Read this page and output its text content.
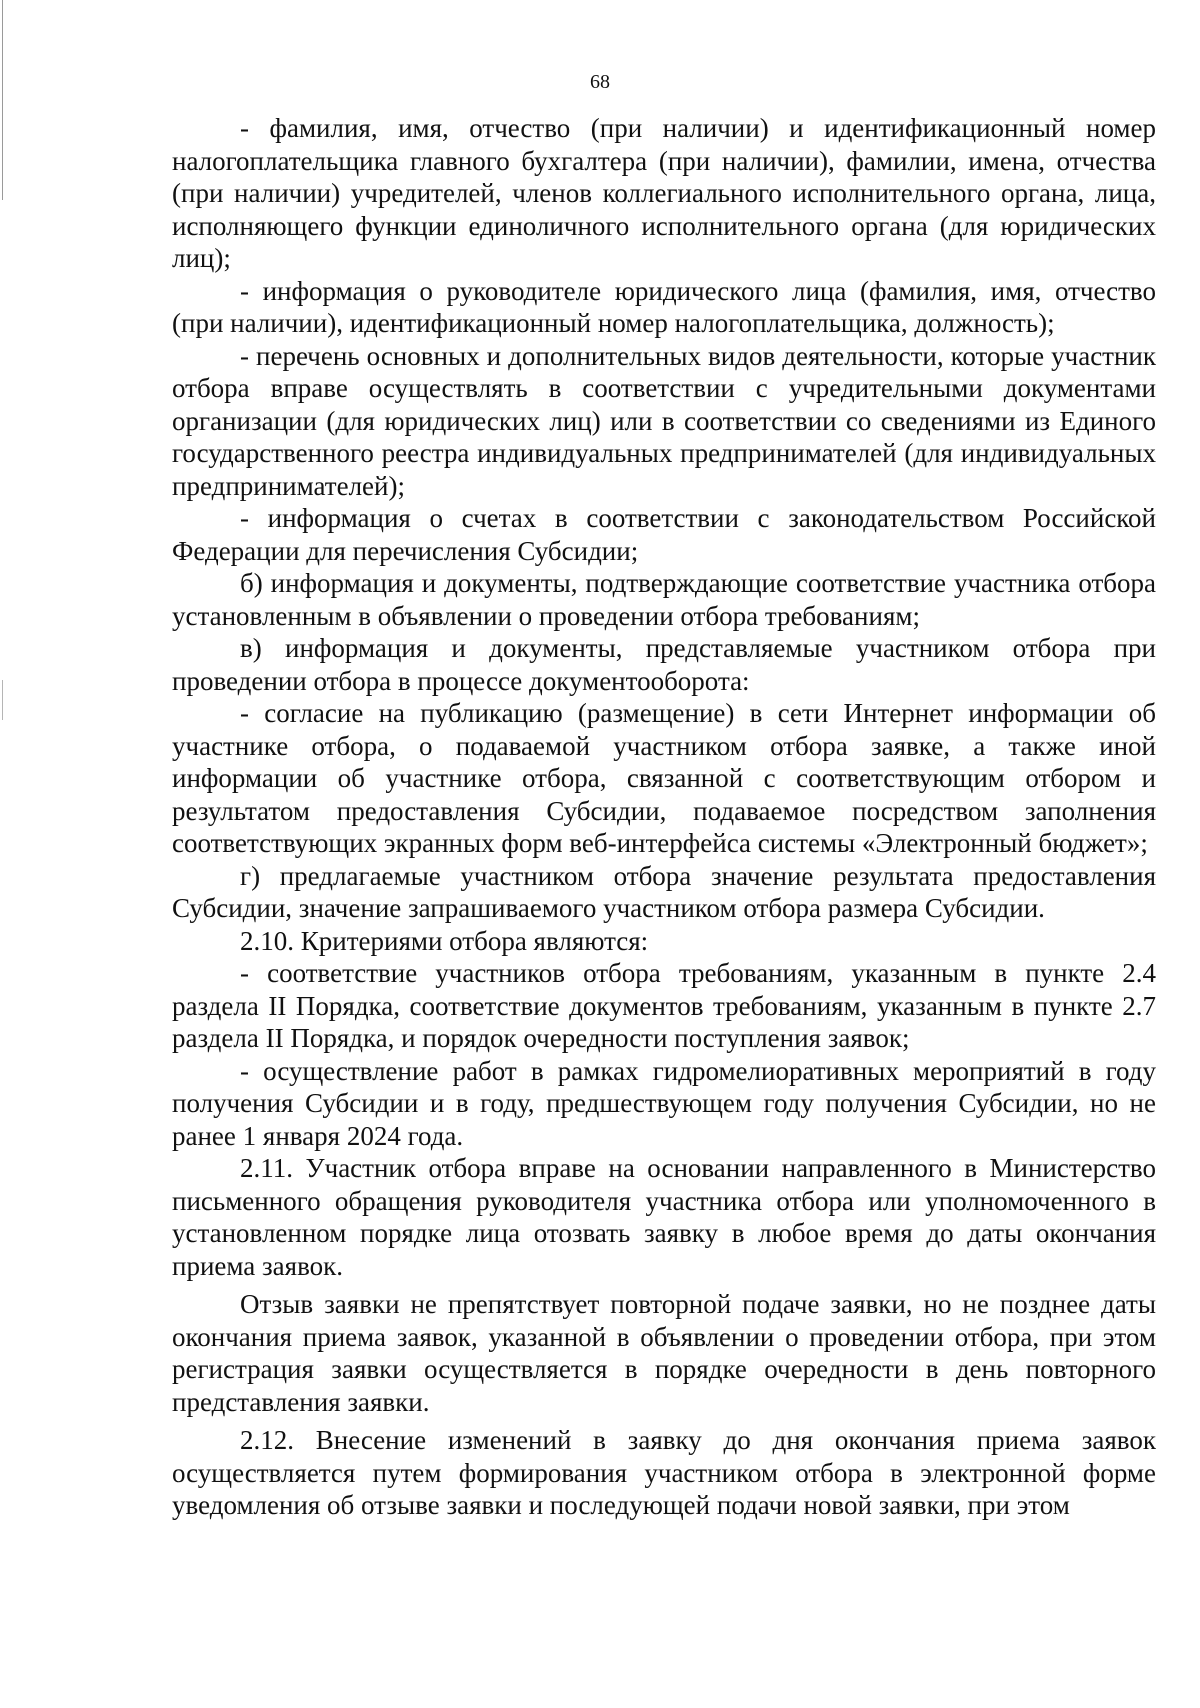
68

- фамилия, имя, отчество (при наличии) и идентификационный номер налогоплательщика главного бухгалтера (при наличии), фамилии, имена, отчества (при наличии) учредителей, членов коллегиального исполнительного органа, лица, исполняющего функции единоличного исполнительного органа (для юридических лиц);

- информация о руководителе юридического лица (фамилия, имя, отчество (при наличии), идентификационный номер налогоплательщика, должность);

- перечень основных и дополнительных видов деятельности, которые участник отбора вправе осуществлять в соответствии с учредительными документами организации (для юридических лиц) или в соответствии со сведениями из Единого государственного реестра индивидуальных предпринимателей (для индивидуальных предпринимателей);

- информация о счетах в соответствии с законодательством Российской Федерации для перечисления Субсидии;

б) информация и документы, подтверждающие соответствие участника отбора установленным в объявлении о проведении отбора требованиям;

в) информация и документы, представляемые участником отбора при проведении отбора в процессе документооборота:

- согласие на публикацию (размещение) в сети Интернет информации об участнике отбора, о подаваемой участником отбора заявке, а также иной информации об участнике отбора, связанной с соответствующим отбором и результатом предоставления Субсидии, подаваемое посредством заполнения соответствующих экранных форм веб-интерфейса системы «Электронный бюджет»;

г) предлагаемые участником отбора значение результата предоставления Субсидии, значение запрашиваемого участником отбора размера Субсидии.

2.10. Критериями отбора являются:

- соответствие участников отбора требованиям, указанным в пункте 2.4 раздела II Порядка, соответствие документов требованиям, указанным в пункте 2.7 раздела II Порядка, и порядок очередности поступления заявок;

- осуществление работ в рамках гидромелиоративных мероприятий в году получения Субсидии и в году, предшествующем году получения Субсидии, но не ранее 1 января 2024 года.

2.11. Участник отбора вправе на основании направленного в Министерство письменного обращения руководителя участника отбора или уполномоченного в установленном порядке лица отозвать заявку в любое время до даты окончания приема заявок.

Отзыв заявки не препятствует повторной подаче заявки, но не позднее даты окончания приема заявок, указанной в объявлении о проведении отбора, при этом регистрация заявки осуществляется в порядке очередности в день повторного представления заявки.

2.12. Внесение изменений в заявку до дня окончания приема заявок осуществляется путем формирования участником отбора в электронной форме уведомления об отзыве заявки и последующей подачи новой заявки, при этом
